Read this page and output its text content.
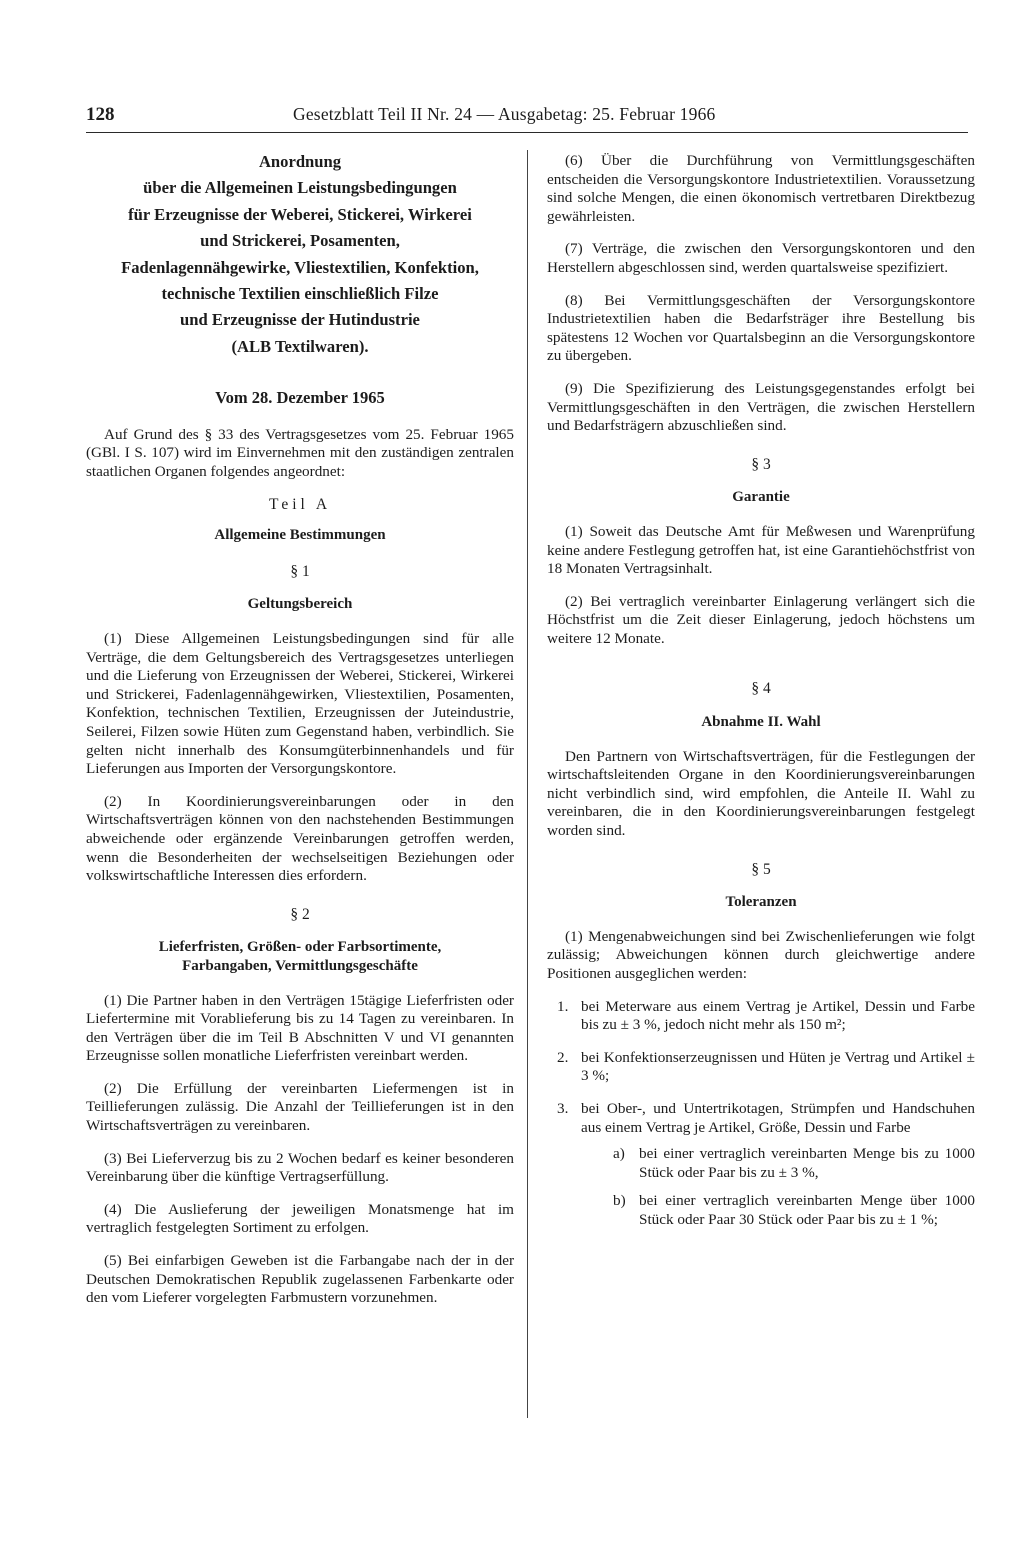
128	Gesetzblatt Teil II Nr. 24 — Ausgabetag: 25. Februar 1966
Anordnung
über die Allgemeinen Leistungsbedingungen
für Erzeugnisse der Weberei, Stickerei, Wirkerei
und Strickerei, Posamenten,
Fadenlagennähgewirke, Vliestextilien, Konfektion,
technische Textilien einschließlich Filze
und Erzeugnisse der Hutindustrie
(ALB Textilwaren).
Vom 28. Dezember 1965

Auf Grund des § 33 des Vertragsgesetzes vom 25. Februar 1965 (GBl. I S. 107) wird im Einvernehmen mit den zuständigen zentralen staatlichen Organen folgendes angeordnet:

Teil A
Allgemeine Bestimmungen
§ 1
Geltungsbereich

(1) Diese Allgemeinen Leistungsbedingungen sind für alle Verträge, die dem Geltungsbereich des Vertragsgesetzes unterliegen und die Lieferung von Erzeugnissen der Weberei, Stickerei, Wirkerei und Strickerei, Fadenlagennähgewirken, Vliestextilien, Posamenten, Konfektion, technischen Textilien, Erzeugnissen der Juteindustrie, Seilerei, Filzen sowie Hüten zum Gegenstand haben, verbindlich. Sie gelten nicht innerhalb des Konsumgüterbinnenhandels und für Lieferungen aus Importen der Versorgungskontore.

(2) In Koordinierungsvereinbarungen oder in den Wirtschaftsverträgen können von den nachstehenden Bestimmungen abweichende oder ergänzende Vereinbarungen getroffen werden, wenn die Besonderheiten der wechselseitigen Beziehungen oder volkswirtschaftliche Interessen dies erfordern.

§ 2
Lieferfristen, Größen- oder Farbsortimente,
Farbangaben, Vermittlungsgeschäfte

(1) Die Partner haben in den Verträgen 15tägige Lieferfristen oder Liefertermine mit Vorablieferung bis zu 14 Tagen zu vereinbaren. In den Verträgen über die im Teil B Abschnitten V und VI genannten Erzeugnisse sollen monatliche Lieferfristen vereinbart werden.

(2) Die Erfüllung der vereinbarten Liefermengen ist in Teillieferungen zulässig. Die Anzahl der Teillieferungen ist in den Wirtschaftsverträgen zu vereinbaren.

(3) Bei Lieferverzug bis zu 2 Wochen bedarf es keiner besonderen Vereinbarung über die künftige Vertragserfüllung.

(4) Die Auslieferung der jeweiligen Monatsmenge hat im vertraglich festgelegten Sortiment zu erfolgen.

(5) Bei einfarbigen Geweben ist die Farbangabe nach der in der Deutschen Demokratischen Republik zugelassenen Farbenkarte oder den vom Lieferer vorgelegten Farbmustern vorzunehmen.

(6) Über die Durchführung von Vermittlungsgeschäften entscheiden die Versorgungskontore Industrietextilien. Voraussetzung sind solche Mengen, die einen ökonomisch vertretbaren Direktbezug gewährleisten.

(7) Verträge, die zwischen den Versorgungskontoren und den Herstellern abgeschlossen sind, werden quartalsweise spezifiziert.

(8) Bei Vermittlungsgeschäften der Versorgungskontore Industrietextilien haben die Bedarfsträger ihre Bestellung bis spätestens 12 Wochen vor Quartalsbeginn an die Versorgungskontore zu übergeben.

(9) Die Spezifizierung des Leistungsgegenstandes erfolgt bei Vermittlungsgeschäften in den Verträgen, die zwischen Herstellern und Bedarfsträgern abzuschließen sind.

§ 3
Garantie

(1) Soweit das Deutsche Amt für Meßwesen und Warenprüfung keine andere Festlegung getroffen hat, ist eine Garantiehöchstfrist von 18 Monaten Vertragsinhalt.

(2) Bei vertraglich vereinbarter Einlagerung verlängert sich die Höchstfrist um die Zeit dieser Einlagerung, jedoch höchstens um weitere 12 Monate.

§ 4
Abnahme II. Wahl

Den Partnern von Wirtschaftsverträgen, für die Festlegungen der wirtschaftsleitenden Organe in den Koordinierungsvereinbarungen nicht verbindlich sind, wird empfohlen, die Anteile II. Wahl zu vereinbaren, die in den Koordinierungsvereinbarungen festgelegt worden sind.

§ 5
Toleranzen

(1) Mengenabweichungen sind bei Zwischenlieferungen wie folgt zulässig; Abweichungen können durch gleichwertige andere Positionen ausgeglichen werden:

1. bei Meterware aus einem Vertrag je Artikel, Dessin und Farbe bis zu ± 3 %, jedoch nicht mehr als 150 m²;
2. bei Konfektionserzeugnissen und Hüten je Vertrag und Artikel ± 3 %;
3. bei Ober-, und Untertrikotagen, Strümpfen und Handschuhen aus einem Vertrag je Artikel, Größe, Dessin und Farbe
a) bei einer vertraglich vereinbarten Menge bis zu 1000 Stück oder Paar bis zu ± 3 %,
b) bei einer vertraglich vereinbarten Menge über 1000 Stück oder Paar 30 Stück oder Paar bis zu ± 1 %;
